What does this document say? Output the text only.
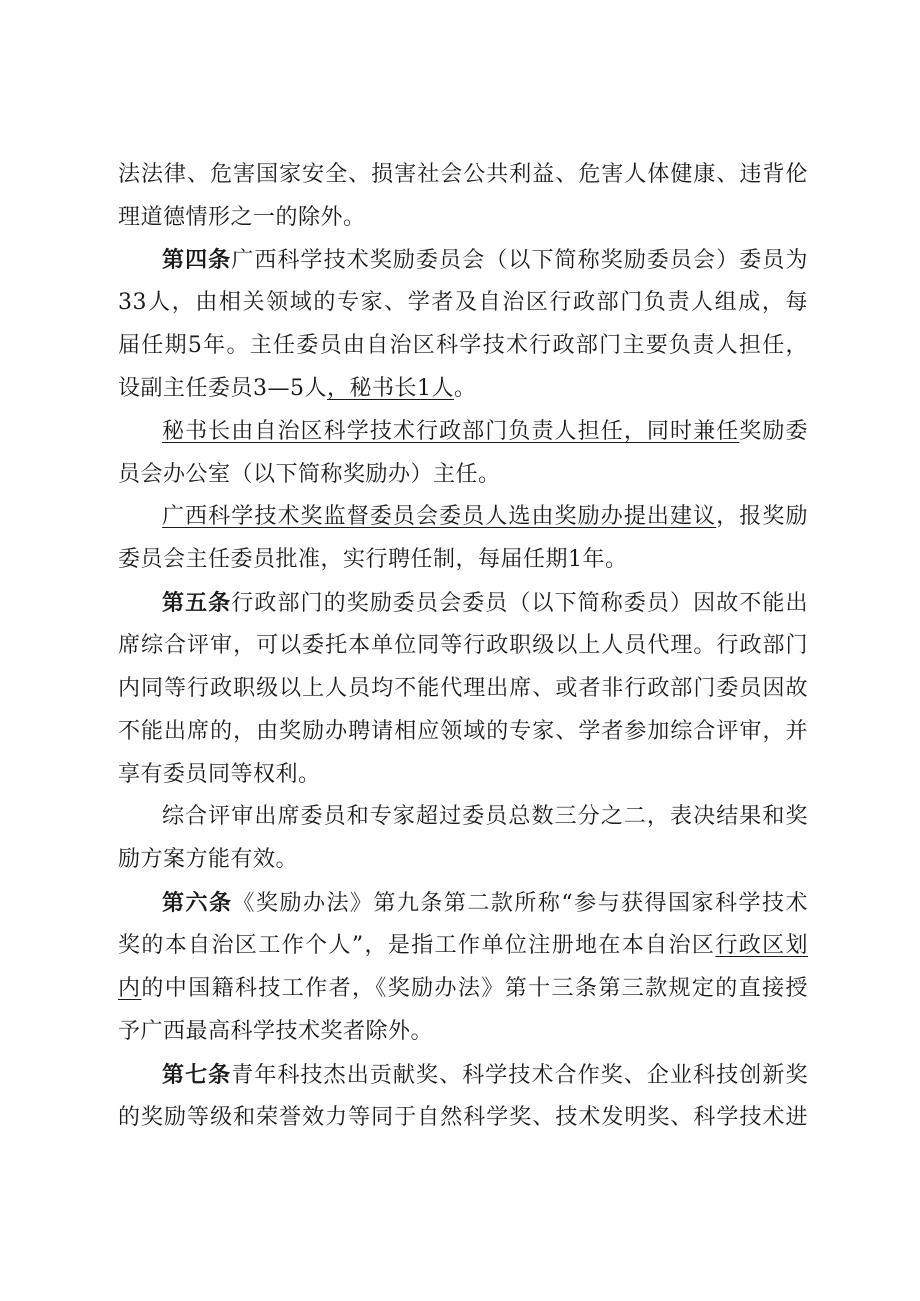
法法律、危害国家安全、损害社会公共利益、危害人体健康、违背伦
理道德情形之一的除外。
第四条广西科学技术奖励委员会（以下简称奖励委员会）委员为
33人，由相关领域的专家、学者及自治区行政部门负责人组成，每
届任期5年。主任委员由自治区科学技术行政部门主要负责人担任，
设副主任委员3—5人，秘书长1人。
秘书长由自治区科学技术行政部门负责人担任，同时兼任奖励委
员会办公室（以下简称奖励办）主任。
广西科学技术奖监督委员会委员人选由奖励办提出建议，报奖励
委员会主任委员批准，实行聘任制，每届任期1年。
第五条行政部门的奖励委员会委员（以下简称委员）因故不能出
席综合评审，可以委托本单位同等行政职级以上人员代理。行政部门
内同等行政职级以上人员均不能代理出席、或者非行政部门委员因故
不能出席的，由奖励办聘请相应领域的专家、学者参加综合评审，并
享有委员同等权利。
综合评审出席委员和专家超过委员总数三分之二，表决结果和奖
励方案方能有效。
第六条《奖励办法》第九条第二款所称“参与获得国家科学技术
奖的本自治区工作个人”，是指工作单位注册地在本自治区行政区划
内的中国籍科技工作者，《奖励办法》第十三条第三款规定的直接授
予广西最高科学技术奖者除外。
第七条青年科技杰出贡献奖、科学技术合作奖、企业科技创新奖
的奖励等级和荣誉效力等同于自然科学奖、技术发明奖、科学技术进
